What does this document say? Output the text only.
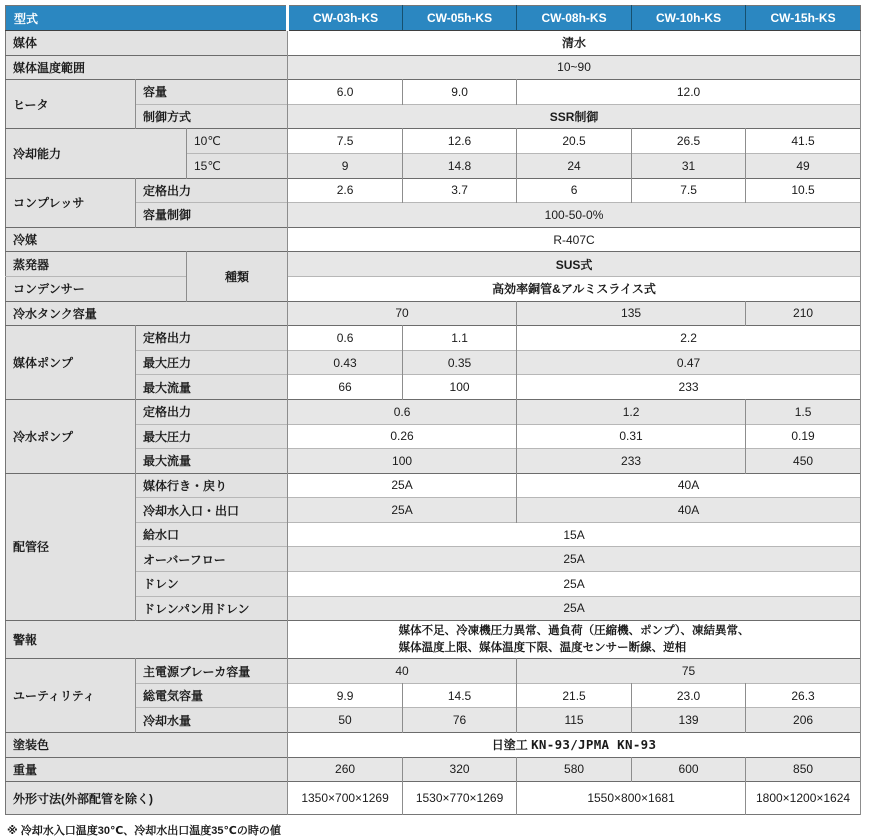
型式			CW-03h-KS	CW-05h-KS	CW-08h-KS	CW-10h-KS	CW-15h-KS
媒体			清水				
媒体温度範囲			10~90				
ヒータ	容量		6.0	9.0	12.0		
	制御方式		SSR制御				
冷却能力		10℃	7.5	12.6	20.5	26.5	41.5
		15℃	9	14.8	24	31	49
コンプレッサ	定格出力		2.6	3.7	6	7.5	10.5
	容量制御		100-50-0%				
冷媒			R-407C				
蒸発器		種類	SUS式				
コンデンサー			高効率銅管&アルミスライス式				
冷水タンク容量			70		135		210
媒体ポンプ	定格出力		0.6	1.1	2.2		
	最大圧力		0.43	0.35	0.47		
	最大流量		66	100	233		
冷水ポンプ	定格出力		0.6		1.2		1.5
	最大圧力		0.26		0.31		0.19
	最大流量		100		233		450
配管径	媒体行き・戻り		25A		40A		
	冷却水入口・出口		25A		40A		
	給水口		15A				
	オーバーフロー		25A				
	ドレン		25A				
	ドレンパン用ドレン		25A				
警報			媒体不足、冷凍機圧力異常、過負荷（圧縮機、ポンプ）、凍結異常、
媒体温度上限、媒体温度下限、温度センサー断線、逆相				

ユーティリティ	主電源ブレーカ容量		40		75		
	総電気容量		9.9	14.5	21.5	23.0	26.3
	冷却水量		50	76	115	139	206
塗装色			日塗工 KN-93/JPMA KN-93				
重量			260	320	580	600	850
外形寸法(外部配管を除く)			1350×700×1269	1530×770×1269	1550×800×1681		1800×1200×1624
※ 冷却水入口温度30℃、冷却水出口温度35℃の時の値
